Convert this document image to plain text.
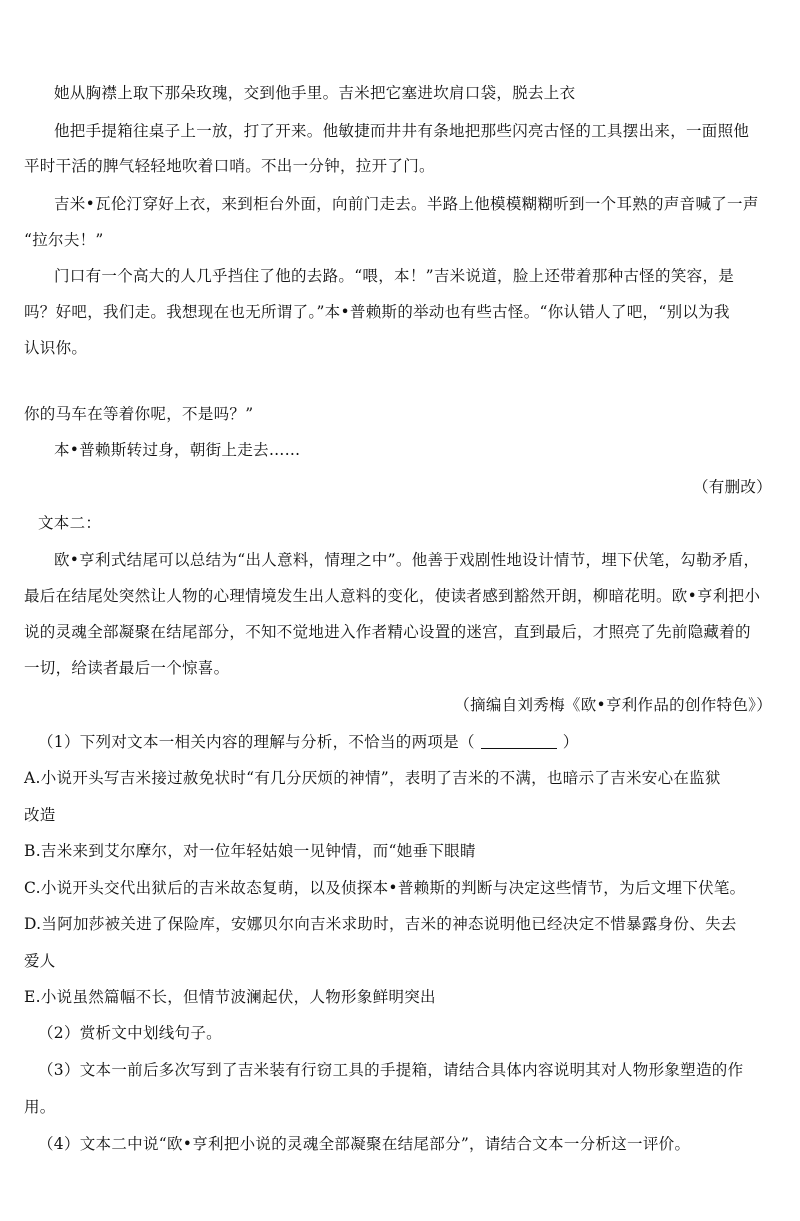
她从胸襟上取下那朵玫瑰，交到他手里。吉米把它塞进坎肩口袋，脱去上衣
他把手提箱往桌子上一放，打了开来。他敏捷而井井有条地把那些闪亮古怪的工具摆出来，一面照他
平时干活的脾气轻轻地吹着口哨。不出一分钟，拉开了门。
吉米•瓦伦汀穿好上衣，来到柜台外面，向前门走去。半路上他模模糊糊听到一个耳熟的声音喊了一声
“拉尔夫！”
门口有一个高大的人几乎挡住了他的去路。“喂，本！”吉米说道，脸上还带着那种古怪的笑容，是
吗？好吧，我们走。我想现在也无所谓了。”本•普赖斯的举动也有些古怪。“你认错人了吧，“别以为我
认识你。
你的马车在等着你呢，不是吗？”
本•普赖斯转过身，朝街上走去……
（有删改）
文本二：
欧•亨利式结尾可以总结为“出人意料，情理之中”。他善于戏剧性地设计情节，埋下伏笔，勾勒矛盾，
最后在结尾处突然让人物的心理情境发生出人意料的变化，使读者感到豁然开朗，柳暗花明。欧•亨利把小
说的灵魂全部凝聚在结尾部分，不知不觉地进入作者精心设置的迷宫，直到最后，才照亮了先前隐藏着的
一切，给读者最后一个惊喜。
（摘编自刘秀梅《欧•亨利作品的创作特色》）
（1）下列对文本一相关内容的理解与分析，不恰当的两项是（	）
A.小说开头写吉米接过赦免状时“有几分厌烦的神情”，表明了吉米的不满，也暗示了吉米安心在监狱
改造
B.吉米来到艾尔摩尔，对一位年轻姑娘一见钟情，而“她垂下眼睛
C.小说开头交代出狱后的吉米故态复萌，以及侦探本•普赖斯的判断与决定这些情节，为后文埋下伏笔。
D.当阿加莎被关进了保险库，安娜贝尔向吉米求助时，吉米的神态说明他已经决定不惜暴露身份、失去
爱人
E.小说虽然篇幅不长，但情节波澜起伏，人物形象鲜明突出
（2）赏析文中划线句子。
（3）文本一前后多次写到了吉米装有行窃工具的手提箱，请结合具体内容说明其对人物形象塑造的作
用。
（4）文本二中说“欧•亨利把小说的灵魂全部凝聚在结尾部分”，请结合文本一分析这一评价。
